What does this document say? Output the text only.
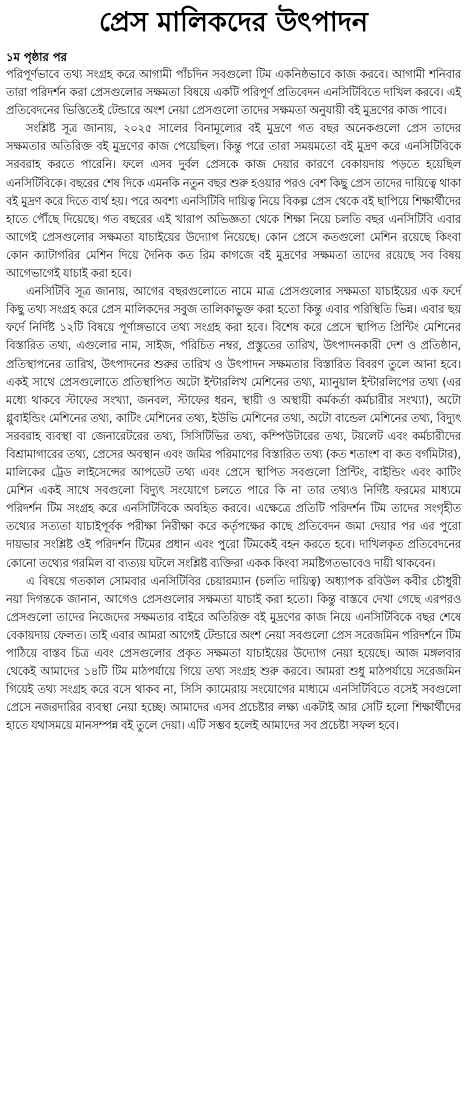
প্রেস মালিকদের উৎপাদন
১ম পৃষ্ঠার পর

পরিপূর্ণভাবে তথ্য সংগ্রহ করে আগামী পাঁচদিন সবগুলো টিম একনিষ্ঠভাবে কাজ করবে। আগামী শনিবার তারা পরিদর্শন করা প্রেসগুলোর সক্ষমতা বিষয়ে একটি পরিপূর্ণ প্রতিবেদন এনসিটিবিতে দাখিল করবে। এই প্রতিবেদনের ভিত্তিতেই টেন্ডারে অংশ নেয়া প্রেসগুলো তাদের সক্ষমতা অনুযায়ী বই মুদ্রণের কাজ পাবে।

সংশ্লিষ্ট সূত্র জানায়, ২০২৫ সালের বিনামূল্যের বই মুদ্রণে গত বছর অনেকগুলো প্রেস তাদের সক্ষমতার অতিরিক্ত বই মুদ্রণের কাজ পেয়েছিল। কিন্তু পরে তারা সময়মতো বই মুদ্রণ করে এনসিটিবিকে সরবরাহ করতে পারেনি। ফলে এসব দুর্বল প্রেসকে কাজ দেয়ার কারণে বেকায়দায় পড়তে হয়েছিল এনসিটিবিকে। বছরের শেষ দিকে এমনকি নতুন বছর শুরু হওয়ার পরও বেশ কিছু প্রেস তাদের দায়িত্বে থাকা বই মুদ্রণ করে দিতে ব্যর্থ হয়। পরে অবশ্য এনসিটিবি দায়িত্ব নিয়ে বিকল্প প্রেস থেকে বই ছাপিয়ে শিক্ষার্থীদের হাতে পৌঁছে দিয়েছে। গত বছরের এই খারাপ অভিজ্ঞতা থেকে শিক্ষা নিয়ে চলতি বছর এনসিটিবি এবার আগেই প্রেসগুলোর সক্ষমতা যাচাইয়ের উদ্যোগ নিয়েছে। কোন প্রেসে কতগুলো মেশিন রয়েছে কিংবা কোন ক্যাটাগরির মেশিন দিয়ে দৈনিক কত রিম কাগজে বই মুদ্রণের সক্ষমতা তাদের রয়েছে সব বিষয় আগেভাগেই যাচাই করা হবে।

এনসিটিবি সূত্র জানায়, আগের বছরগুলোতে নামে মাত্র প্রেসগুলোর সক্ষমতা যাচাইয়ের এক ফর্দে কিছু তথ্য সংগ্রহ করে প্রেস মালিকদের সবুজ তালিকাভুক্ত করা হতো কিন্তু এবার পরিস্থিতি ভিন্ন। এবার ছয় ফর্দে নির্দিষ্ট ১২টি বিষয়ে পূর্ণাঙ্গভাবে তথ্য সংগ্রহ করা হবে। বিশেষ করে প্রেসে স্থাপিত প্রিন্টিং মেশিনের বিস্তারিত তথ্য, এগুলোর নাম, সাইজ, পরিচিত নম্বর, প্রস্তুতের তারিখ, উৎপাদনকারী দেশ ও প্রতিষ্ঠান, প্রতিস্থাপনের তারিখ, উৎপাদনের শুরুর তারিখ ও উৎপাদন সক্ষমতার বিস্তারিত বিবরণ তুলে আনা হবে। একই সাথে প্রেসগুলোতে প্রতিস্থাপিত অটো ইন্টারলিখ মেশিনের তথ্য, ম্যানুয়াল ইন্টারলিপের তথ্য (এর মধ্যে থাকবে স্টাফের সংখ্যা, জনবল, স্টাফের ধরন, স্থায়ী ও অস্থায়ী কর্মকর্তা কর্মচারীর সংখ্যা), অটো গ্লুবাইন্ডিং মেশিনের তথ্য, কাটিং মেশিনের তথ্য, ইউভি মেশিনের তথ্য, অটো বান্ডেল মেশিনের তথ্য, বিদ্যুৎ সরবরাহ ব্যবস্থা বা জেনারেটরের তথ্য, সিসিটিভির তথ্য, কম্পিউটারের তথ্য, টয়লেট এবং কর্মচারীদের বিশ্রামাগারের তথ্য, প্রেসের অবস্থান এবং জমির পরিমাণের বিস্তারিত তথ্য (কত শতাংশ বা কত বর্গমিটার), মালিকের ট্রেড লাইসেন্সের আপডেট তথ্য এবং প্রেসে স্থাপিত সবগুলো প্রিন্টিং, বাইন্ডিং এবং কাটিং মেশিন একই সাথে সবগুলো বিদ্যুৎ সংযোগে চলতে পারে কি না তার তথ্যও নির্দিষ্ট ফরমের মাধ্যমে পরিদর্শন টিম সংগ্রহ করে এনসিটিবিকে অবহিত করবে। এক্ষেত্রে প্রতিটি পরিদর্শন টিম তাদের সংগৃহীত তথ্যের সত্যতা যাচাইপূর্বক পরীক্ষা নিরীক্ষা করে কর্তৃপক্ষের কাছে প্রতিবেদন জমা দেয়ার পর এর পুরো দায়ভার সংশ্লিষ্ট ওই পরিদর্শন টিমের প্রধান এবং পুরো টিমকেই বহন করতে হবে। দাখিলকৃত প্রতিবেদনের কোনো তথ্যের গরমিল বা ব্যত্যয় ঘটলে সংশ্লিষ্ট ব্যক্তিরা একক কিংবা সমষ্টিগতভাবেও দায়ী থাকবেন।

এ বিষয়ে গতকাল সোমবার এনসিটিবির চেয়ারম্যান (চলতি দায়িত্ব) অধ্যাপক রবিউল কবীর চৌধুরী নয়া দিগন্তকে জানান, আগেও প্রেসগুলোর সক্ষমতা যাচাই করা হতো। কিন্তু বাস্তবে দেখা গেছে এরপরও প্রেসগুলো তাদের নিজেদের সক্ষমতার বাইরে অতিরিক্ত বই মুদ্রণের কাজ নিয়ে এনসিটিবিকে বছর শেষে বেকায়দায় ফেলত। তাই এবার আমরা আগেই টেন্ডারে অংশ নেয়া সবগুলো প্রেস সরেজমিন পরিদর্শনে টিম পাঠিয়ে বাস্তব চিত্র এবং প্রেসগুলোর প্রকৃত সক্ষমতা যাচাইয়ের উদ্যোগ নেয়া হয়েছে। আজ মঙ্গলবার থেকেই আমাদের ১৪টি টিম মাঠপর্যায়ে গিয়ে তথ্য সংগ্রহ শুরু করবে। আমরা শুধু মাঠপর্যায়ে সরেজমিন গিয়েই তথ্য সংগ্রহ করে বসে থাকব না, সিসি ক্যামেরায় সংযোগের মাধ্যমে এনসিটিবিতে বসেই সবগুলো প্রেসে নজরদারির ব্যবস্থা নেয়া হচ্ছে। আমাদের এসব প্রচেষ্টার লক্ষ্য একটাই আর সেটি হলো শিক্ষার্থীদের হাতে যথাসময়ে মানসম্পন্ন বই তুলে দেয়া। এটি সম্ভব হলেই আমাদের সব প্রচেষ্টা সফল হবে।
